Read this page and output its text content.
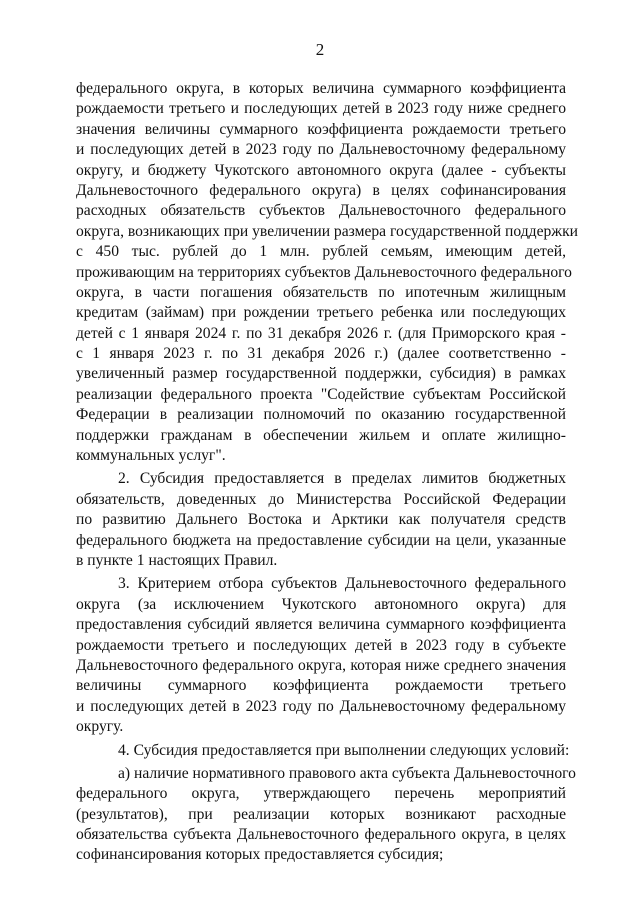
2
федерального округа, в которых величина суммарного коэффициента
рождаемости третьего и последующих детей в 2023 году ниже среднего
значения величины суммарного коэффициента рождаемости третьего
и последующих детей в 2023 году по Дальневосточному федеральному
округу, и бюджету Чукотского автономного округа (далее - субъекты
Дальневосточного федерального округа) в целях софинансирования
расходных обязательств субъектов Дальневосточного федерального
округа, возникающих при увеличении размера государственной поддержки
с 450 тыс. рублей до 1 млн. рублей семьям, имеющим детей,
проживающим на территориях субъектов Дальневосточного федерального
округа, в части погашения обязательств по ипотечным жилищным
кредитам (займам) при рождении третьего ребенка или последующих
детей с 1 января 2024 г. по 31 декабря 2026 г. (для Приморского края -
с 1 января 2023 г. по 31 декабря 2026 г.) (далее соответственно -
увеличенный размер государственной поддержки, субсидия) в рамках
реализации федерального проекта "Содействие субъектам Российской
Федерации в реализации полномочий по оказанию государственной
поддержки гражданам в обеспечении жильем и оплате жилищно-
коммунальных услуг".
2. Субсидия предоставляется в пределах лимитов бюджетных
обязательств, доведенных до Министерства Российской Федерации
по развитию Дальнего Востока и Арктики как получателя средств
федерального бюджета на предоставление субсидии на цели, указанные
в пункте 1 настоящих Правил.
3. Критерием отбора субъектов Дальневосточного федерального
округа (за исключением Чукотского автономного округа) для
предоставления субсидий является величина суммарного коэффициента
рождаемости третьего и последующих детей в 2023 году в субъекте
Дальневосточного федерального округа, которая ниже среднего значения
величины суммарного коэффициента рождаемости третьего
и последующих детей в 2023 году по Дальневосточному федеральному
округу.
4. Субсидия предоставляется при выполнении следующих условий:
а) наличие нормативного правового акта субъекта Дальневосточного
федерального округа, утверждающего перечень мероприятий
(результатов), при реализации которых возникают расходные
обязательства субъекта Дальневосточного федерального округа, в целях
софинансирования которых предоставляется субсидия;
